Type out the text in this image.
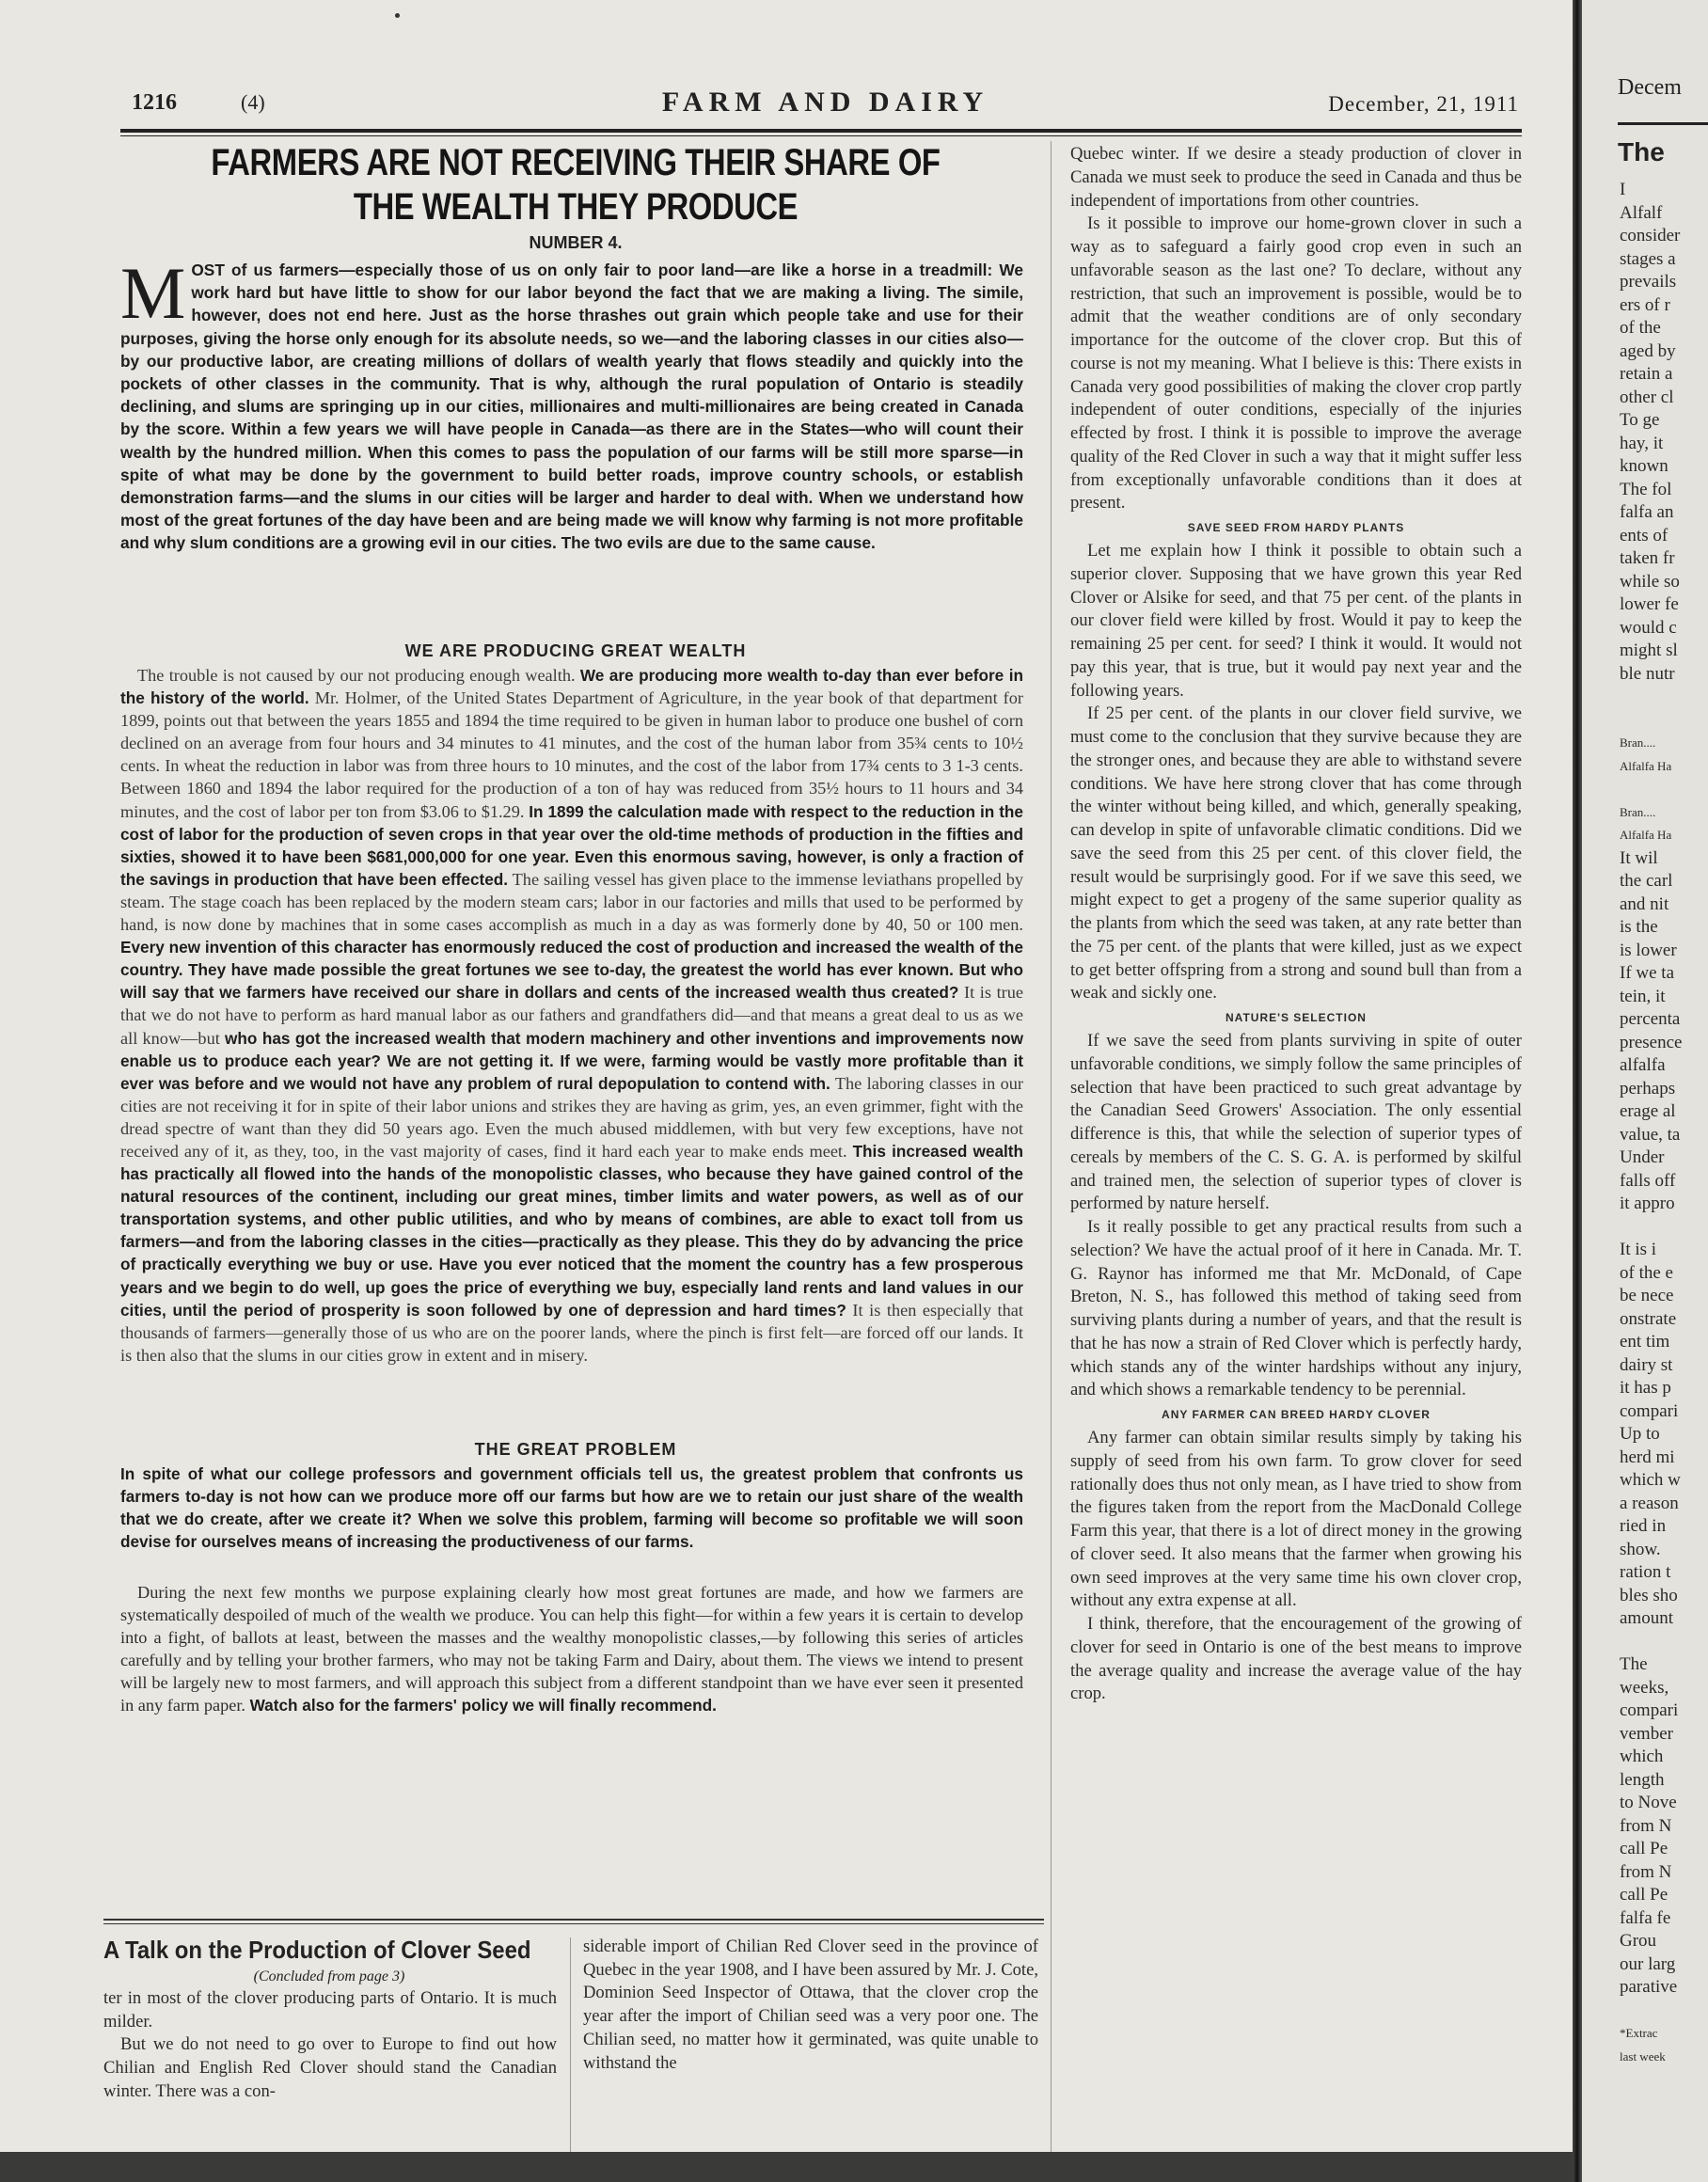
1216	(4)	FARM AND DAIRY	December, 21, 1911
FARMERS ARE NOT RECEIVING THEIR SHARE OF THE WEALTH THEY PRODUCE
NUMBER 4.
MOST of us farmers—especially those of us on only fair to poor land—are like a horse in a treadmill: We work hard but have little to show for our labor beyond the fact that we are making a living. The simile, however, does not end here. Just as the horse thrashes out grain which people take and use for their purposes, giving the horse only enough for its absolute needs, so we—and the laboring classes in our cities also—by our productive labor, are creating millions of dollars of wealth yearly that flows steadily and quickly into the pockets of other classes in the community. That is why, although the rural population of Ontario is steadily declining, and slums are springing up in our cities, millionaires and multi-millionaires are being created in Canada by the score. Within a few years we will have people in Canada—as there are in the States—who will count their wealth by the hundred million. When this comes to pass the population of our farms will be still more sparse—in spite of what may be done by the government to build better roads, improve country schools, or establish demonstration farms—and the slums in our cities will be larger and harder to deal with. When we understand how most of the great fortunes of the day have been and are being made we will know why farming is not more profitable and why slum conditions are a growing evil in our cities. The two evils are due to the same cause.
WE ARE PRODUCING GREAT WEALTH
The trouble is not caused by our not producing enough wealth. We are producing more wealth to-day than ever before in the history of the world. Mr. Holmer, of the United States Department of Agriculture, in the year book of that department for 1899, points out that between the years 1855 and 1894 the time required to be given in human labor to produce one bushel of corn declined on an average from four hours and 34 minutes to 41 minutes, and the cost of the human labor from 35¾ cents to 10½ cents. In wheat the reduction in labor was from three hours to 10 minutes, and the cost of the labor from 17¾ cents to 3 1-3 cents. Between 1860 and 1894 the labor required for the production of a ton of hay was reduced from 35½ hours to 11 hours and 34 minutes, and the cost of labor per ton from $3.06 to $1.29. In 1899 the calculation made with respect to the reduction in the cost of labor for the production of seven crops in that year over the old-time methods of production in the fifties and sixties, showed it to have been $681,000,000 for one year. Even this enormous saving, however, is only a fraction of the savings in production that have been effected. The sailing vessel has given place to the immense leviathans propelled by steam. The stage coach has been replaced by the modern steam cars; labor in our factories and mills that used to be performed by hand, is now done by machines that in some cases accomplish as much in a day as was formerly done by 40, 50 or 100 men. Every new invention of this character has enormously reduced the cost of production and increased the wealth of the country. They have made possible the great fortunes we see to-day, the greatest the world has ever known. But who will say that we farmers have received our share in dollars and cents of the increased wealth thus created? It is true that we do not have to perform as hard manual labor as our fathers and grandfathers did—and that means a great deal to us as we all know—but who has got the increased wealth that modern machinery and other inventions and improvements now enable us to produce each year? We are not getting it. If we were, farming would be vastly more profitable than it ever was before and we would not have any problem of rural depopulation to contend with. The laboring classes in our cities are not receiving it for in spite of their labor unions and strikes they are having as grim, yes, an even grimmer, fight with the dread spectre of want than they did 50 years ago. Even the much abused middlemen, with but very few exceptions, have not received any of it, as they, too, in the vast majority of cases, find it hard each year to make ends meet. This increased wealth has practically all flowed into the hands of the monopolistic classes, who because they have gained control of the natural resources of the continent, including our great mines, timber limits and water powers, as well as of our transportation systems, and other public utilities, and who by means of combines, are able to exact toll from us farmers—and from the laboring classes in the cities—practically as they please. This they do by advancing the price of practically everything we buy or use. Have you ever noticed that the moment the country has a few prosperous years and we begin to do well, up goes the price of everything we buy, especially land rents and land values in our cities, until the period of prosperity is soon followed by one of depression and hard times? It is then especially that thousands of farmers—generally those of us who are on the poorer lands, where the pinch is first felt—are forced off our lands. It is then also that the slums in our cities grow in extent and in misery.
THE GREAT PROBLEM
In spite of what our college professors and government officials tell us, the greatest problem that confronts us farmers to-day is not how can we produce more off our farms but how are we to retain our just share of the wealth that we do create, after we create it? When we solve this problem, farming will become so profitable we will soon devise for ourselves means of increasing the productiveness of our farms.
During the next few months we purpose explaining clearly how most great fortunes are made, and how we farmers are systematically despoiled of much of the wealth we produce. You can help this fight—for within a few years it is certain to develop into a fight, of ballots at least, between the masses and the wealthy monopolistic classes,—by following this series of articles carefully and by telling your brother farmers, who may not be taking Farm and Dairy, about them. The views we intend to present will be largely new to most farmers, and will approach this subject from a different standpoint than we have ever seen it presented in any farm paper. Watch also for the farmers' policy we will finally recommend.

Quebec winter. If we desire a steady production of clover in Canada we must seek to produce the seed in Canada and thus be independent of importations from other countries.

Is it possible to improve our home-grown clover in such a way as to safeguard a fairly good crop even in such an unfavorable season as the last one? To declare, without any restriction, that such an improvement is possible, would be to admit that the weather conditions are of only secondary importance for the outcome of the clover crop. But this of course is not my meaning. What I believe is this: There exists in Canada very good possibilities of making the clover crop partly independent of outer conditions, especially of the injuries effected by frost. I think it is possible to improve the average quality of the Red Clover in such a way that it might suffer less from exceptionally unfavorable conditions than it does at present.

SAVE SEED FROM HARDY PLANTS

Let me explain how I think it possible to obtain such a superior clover. Supposing that we have grown this year Red Clover or Alsike for seed, and that 75 per cent. of the plants in our clover field were killed by frost. Would it pay to keep the remaining 25 per cent. for seed? I think it would. It would not pay this year, that is true, but it would pay next year and the following years.

If 25 per cent. of the plants in our clover field survive, we must come to the conclusion that they survive because they are the stronger ones, and because they are able to withstand severe conditions. We have here strong clover that has come through the winter without being killed, and which, generally speaking, can develop in spite of unfavorable climatic conditions. Did we save the seed from this 25 per cent. of this clover field, the result would be surprisingly good. For if we save this seed, we might expect to get a progeny of the same superior quality as the plants from which the seed was taken, at any rate better than the 75 per cent. of the plants that were killed, just as we expect to get better offspring from a strong and sound bull than from a weak and sickly one.

NATURE'S SELECTION

If we save the seed from plants surviving in spite of outer unfavorable conditions, we simply follow the same principles of selection that have been practiced to such great advantage by the Canadian Seed Growers' Association. The only essential difference is this, that while the selection of superior types of cereals by members of the C. S. G. A. is performed by skilful and trained men, the selection of superior types of clover is performed by nature herself.

Is it really possible to get any practical results from such a selection? We have the actual proof of it here in Canada. Mr. T. G. Raynor has informed me that Mr. McDonald, of Cape Breton, N. S., has followed this method of taking seed from surviving plants during a number of years, and that the result is that he has now a strain of Red Clover which is perfectly hardy, which stands any of the winter hardships without any injury, and which shows a remarkable tendency to be perennial.

ANY FARMER CAN BREED HARDY CLOVER

Any farmer can obtain similar results simply by taking his supply of seed from his own farm. To grow clover for seed rationally does thus not only mean, as I have tried to show from the figures taken from the report from the MacDonald College Farm this year, that there is a lot of direct money in the growing of clover seed. It also means that the farmer when growing his own seed improves at the very same time his own clover crop, without any extra expense at all.

I think, therefore, that the encouragement of the growing of clover for seed in Ontario is one of the best means to improve the average quality and increase the average value of the hay crop.

A Talk on the Production of Clover Seed
(Concluded from page 3)

ter in most of the clover producing parts of Ontario. It is much milder.

But we do not need to go over to Europe to find out how Chilian and English Red Clover should stand the Canadian winter. There was a con-

siderable import of Chilian Red Clover seed in the province of Quebec in the year 1908, and I have been assured by Mr. J. Cote, Dominion Seed Inspector of Ottawa, that the clover crop the year after the import of Chilian seed was a very poor one. The Chilian seed, no matter how it germinated, was quite unable to withstand the
Decem
The
I
Alfalf
consider
stages a
prevails
ers of r
of the
aged by
retain a
other cl
To ge
hay, it
known
The fol
falfa an
ents of
taken fr
while so
lower fe
would c
might sl
ble nutr
Bran....
Alfalfa Ha
Bran....
Alfalfa Ha
It wil
the carl
and nit
is the
is lower
If we ta
tein, it
percenta
presence
alfalfa
perhaps
erage al
value, ta
Under
falls off
it appro
It is i
of the e
be nece
onstrate
ent tim
dairy st
it has p
compari
Up to
herd mi
which w
a reason
ried in
show.
ration t
bles sho
amount
The
weeks,
compari
vember
which
length
to Nove
from N
call Pe
from N
call Pe
falfa fe
Grou
our larg
parative
*Extrac
last week
